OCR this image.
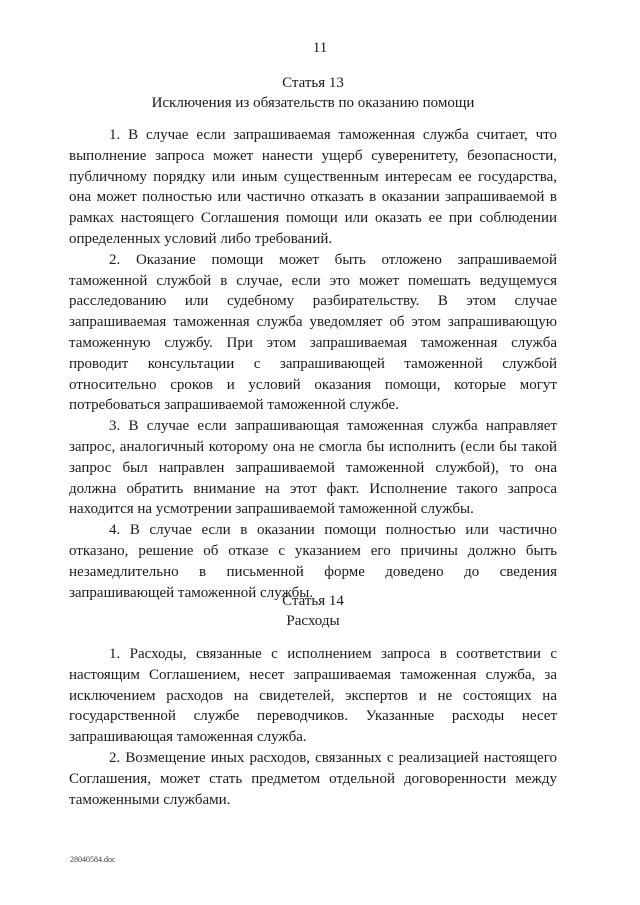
11
Статья 13
Исключения из обязательств по оказанию помощи

1. В случае если запрашиваемая таможенная служба считает, что выполнение запроса может нанести ущерб суверенитету, безопасности, публичному порядку или иным существенным интересам ее государства, она может полностью или частично отказать в оказании запрашиваемой в рамках настоящего Соглашения помощи или оказать ее при соблюдении определенных условий либо требований.

2. Оказание помощи может быть отложено запрашиваемой таможенной службой в случае, если это может помешать ведущемуся расследованию или судебному разбирательству. В этом случае запрашиваемая таможенная служба уведомляет об этом запрашивающую таможенную службу. При этом запрашиваемая таможенная служба проводит консультации с запрашивающей таможенной службой относительно сроков и условий оказания помощи, которые могут потребоваться запрашиваемой таможенной службе.

3. В случае если запрашивающая таможенная служба направляет запрос, аналогичный которому она не смогла бы исполнить (если бы такой запрос был направлен запрашиваемой таможенной службой), то она должна обратить внимание на этот факт. Исполнение такого запроса находится на усмотрении запрашиваемой таможенной службы.

4. В случае если в оказании помощи полностью или частично отказано, решение об отказе с указанием его причины должно быть незамедлительно в письменной форме доведено до сведения запрашивающей таможенной службы.

Статья 14
Расходы

1. Расходы, связанные с исполнением запроса в соответствии с настоящим Соглашением, несет запрашиваемая таможенная служба, за исключением расходов на свидетелей, экспертов и не состоящих на государственной службе переводчиков. Указанные расходы несет запрашивающая таможенная служба.

2. Возмещение иных расходов, связанных с реализацией настоящего Соглашения, может стать предметом отдельной договоренности между таможенными службами.

28040584.doc
